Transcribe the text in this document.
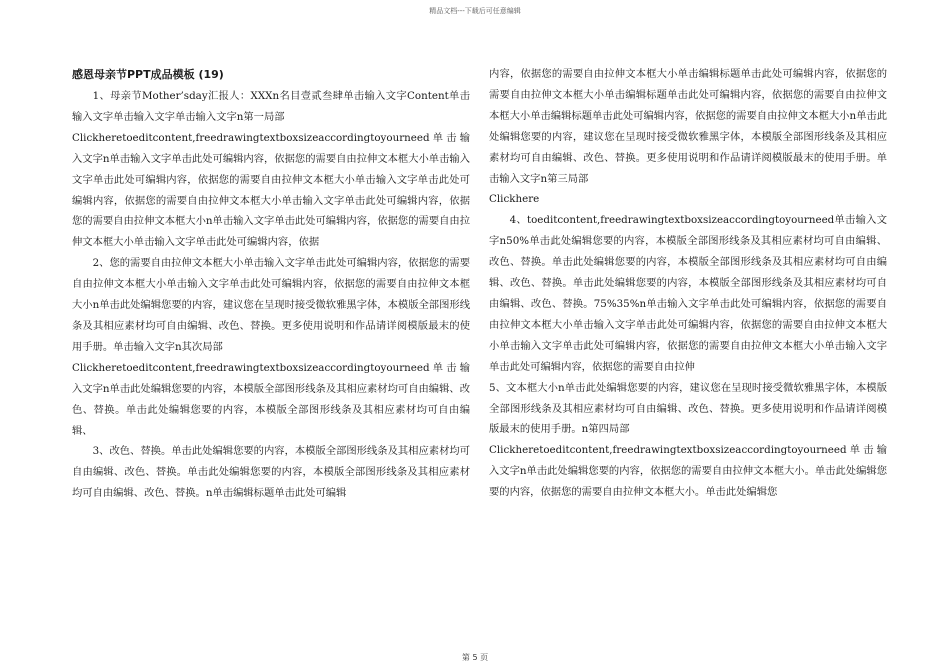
精品文档---下载后可任意编辑

感恩母亲节PPT成品模板 (19)

1、母亲节Mother’sday汇报人：XXXn名目壹贰叁肆单击输入文字Content单击输入文字单击输入文字单击输入文字n第一局部

Clickheretoeditcontent,freedrawingtextboxsizeaccordingtoyourneed单击输入文字n单击输入文字单击此处可编辑内容，依据您的需要自由拉伸文本框大小单击输入文字单击此处可编辑内容，依据您的需要自由拉伸文本框大小单击输入文字单击此处可编辑内容，依据您的需要自由拉伸文本框大小单击输入文字单击此处可编辑内容，依据您的需要自由拉伸文本框大小n单击输入文字单击此处可编辑内容，依据您的需要自由拉伸文本框大小单击输入文字单击此处可编辑内容，依据

2、您的需要自由拉伸文本框大小单击输入文字单击此处可编辑内容，依据您的需要自由拉伸文本框大小单击输入文字单击此处可编辑内容，依据您的需要自由拉伸文本框大小n单击此处编辑您要的内容，建议您在呈现时接受微软雅黑字体，本模版全部图形线条及其相应素材均可自由编辑、改色、替换。更多使用说明和作品请详阅模版最末的使用手册。单击输入文字n其次局部

Clickheretoeditcontent,freedrawingtextboxsizeaccordingtoyourneed单击输入文字n单击此处编辑您要的内容，本模版全部图形线条及其相应素材均可自由编辑、改色、替换。单击此处编辑您要的内容，本模版全部图形线条及其相应素材均可自由编辑、

3、改色、替换。单击此处编辑您要的内容，本模版全部图形线条及其相应素材均可自由编辑、改色、替换。单击此处编辑您要的内容，本模版全部图形线条及其相应素材均可自由编辑、改色、替换。n单击编辑标题单击此处可编辑

内容，依据您的需要自由拉伸文本框大小单击编辑标题单击此处可编辑内容，依据您的需要自由拉伸文本框大小单击编辑标题单击此处可编辑内容，依据您的需要自由拉伸文本框大小单击编辑标题单击此处可编辑内容，依据您的需要自由拉伸文本框大小n单击此处编辑您要的内容，建议您在呈现时接受微软雅黑字体，本模版全部图形线条及其相应素材均可自由编辑、改色、替换。更多使用说明和作品请详阅模版最末的使用手册。单击输入文字n第三局部

Clickhere

4、toeditcontent,freedrawingtextboxsizeaccordingtoyourneed单击输入文字n50%单击此处编辑您要的内容，本模版全部图形线条及其相应素材均可自由编辑、改色、替换。单击此处编辑您要的内容，本模版全部图形线条及其相应素材均可自由编辑、改色、替换。单击此处编辑您要的内容，本模版全部图形线条及其相应素材均可自由编辑、改色、替换。75%35%n单击输入文字单击此处可编辑内容，依据您的需要自由拉伸文本框大小单击输入文字单击此处可编辑内容，依据您的需要自由拉伸文本框大小单击输入文字单击此处可编辑内容，依据您的需要自由拉伸文本框大小单击输入文字单击此处可编辑内容，依据您的需要自由拉伸

5、文本框大小n单击此处编辑您要的内容，建议您在呈现时接受微软雅黑字体，本模版全部图形线条及其相应素材均可自由编辑、改色、替换。更多使用说明和作品请详阅模版最末的使用手册。n第四局部

Clickheretoeditcontent,freedrawingtextboxsizeaccordingtoyourneed单击输入文字n单击此处编辑您要的内容，依据您的需要自由拉伸文本框大小。单击此处编辑您要的内容，依据您的需要自由拉伸文本框大小。单击此处编辑您

第 5 页
